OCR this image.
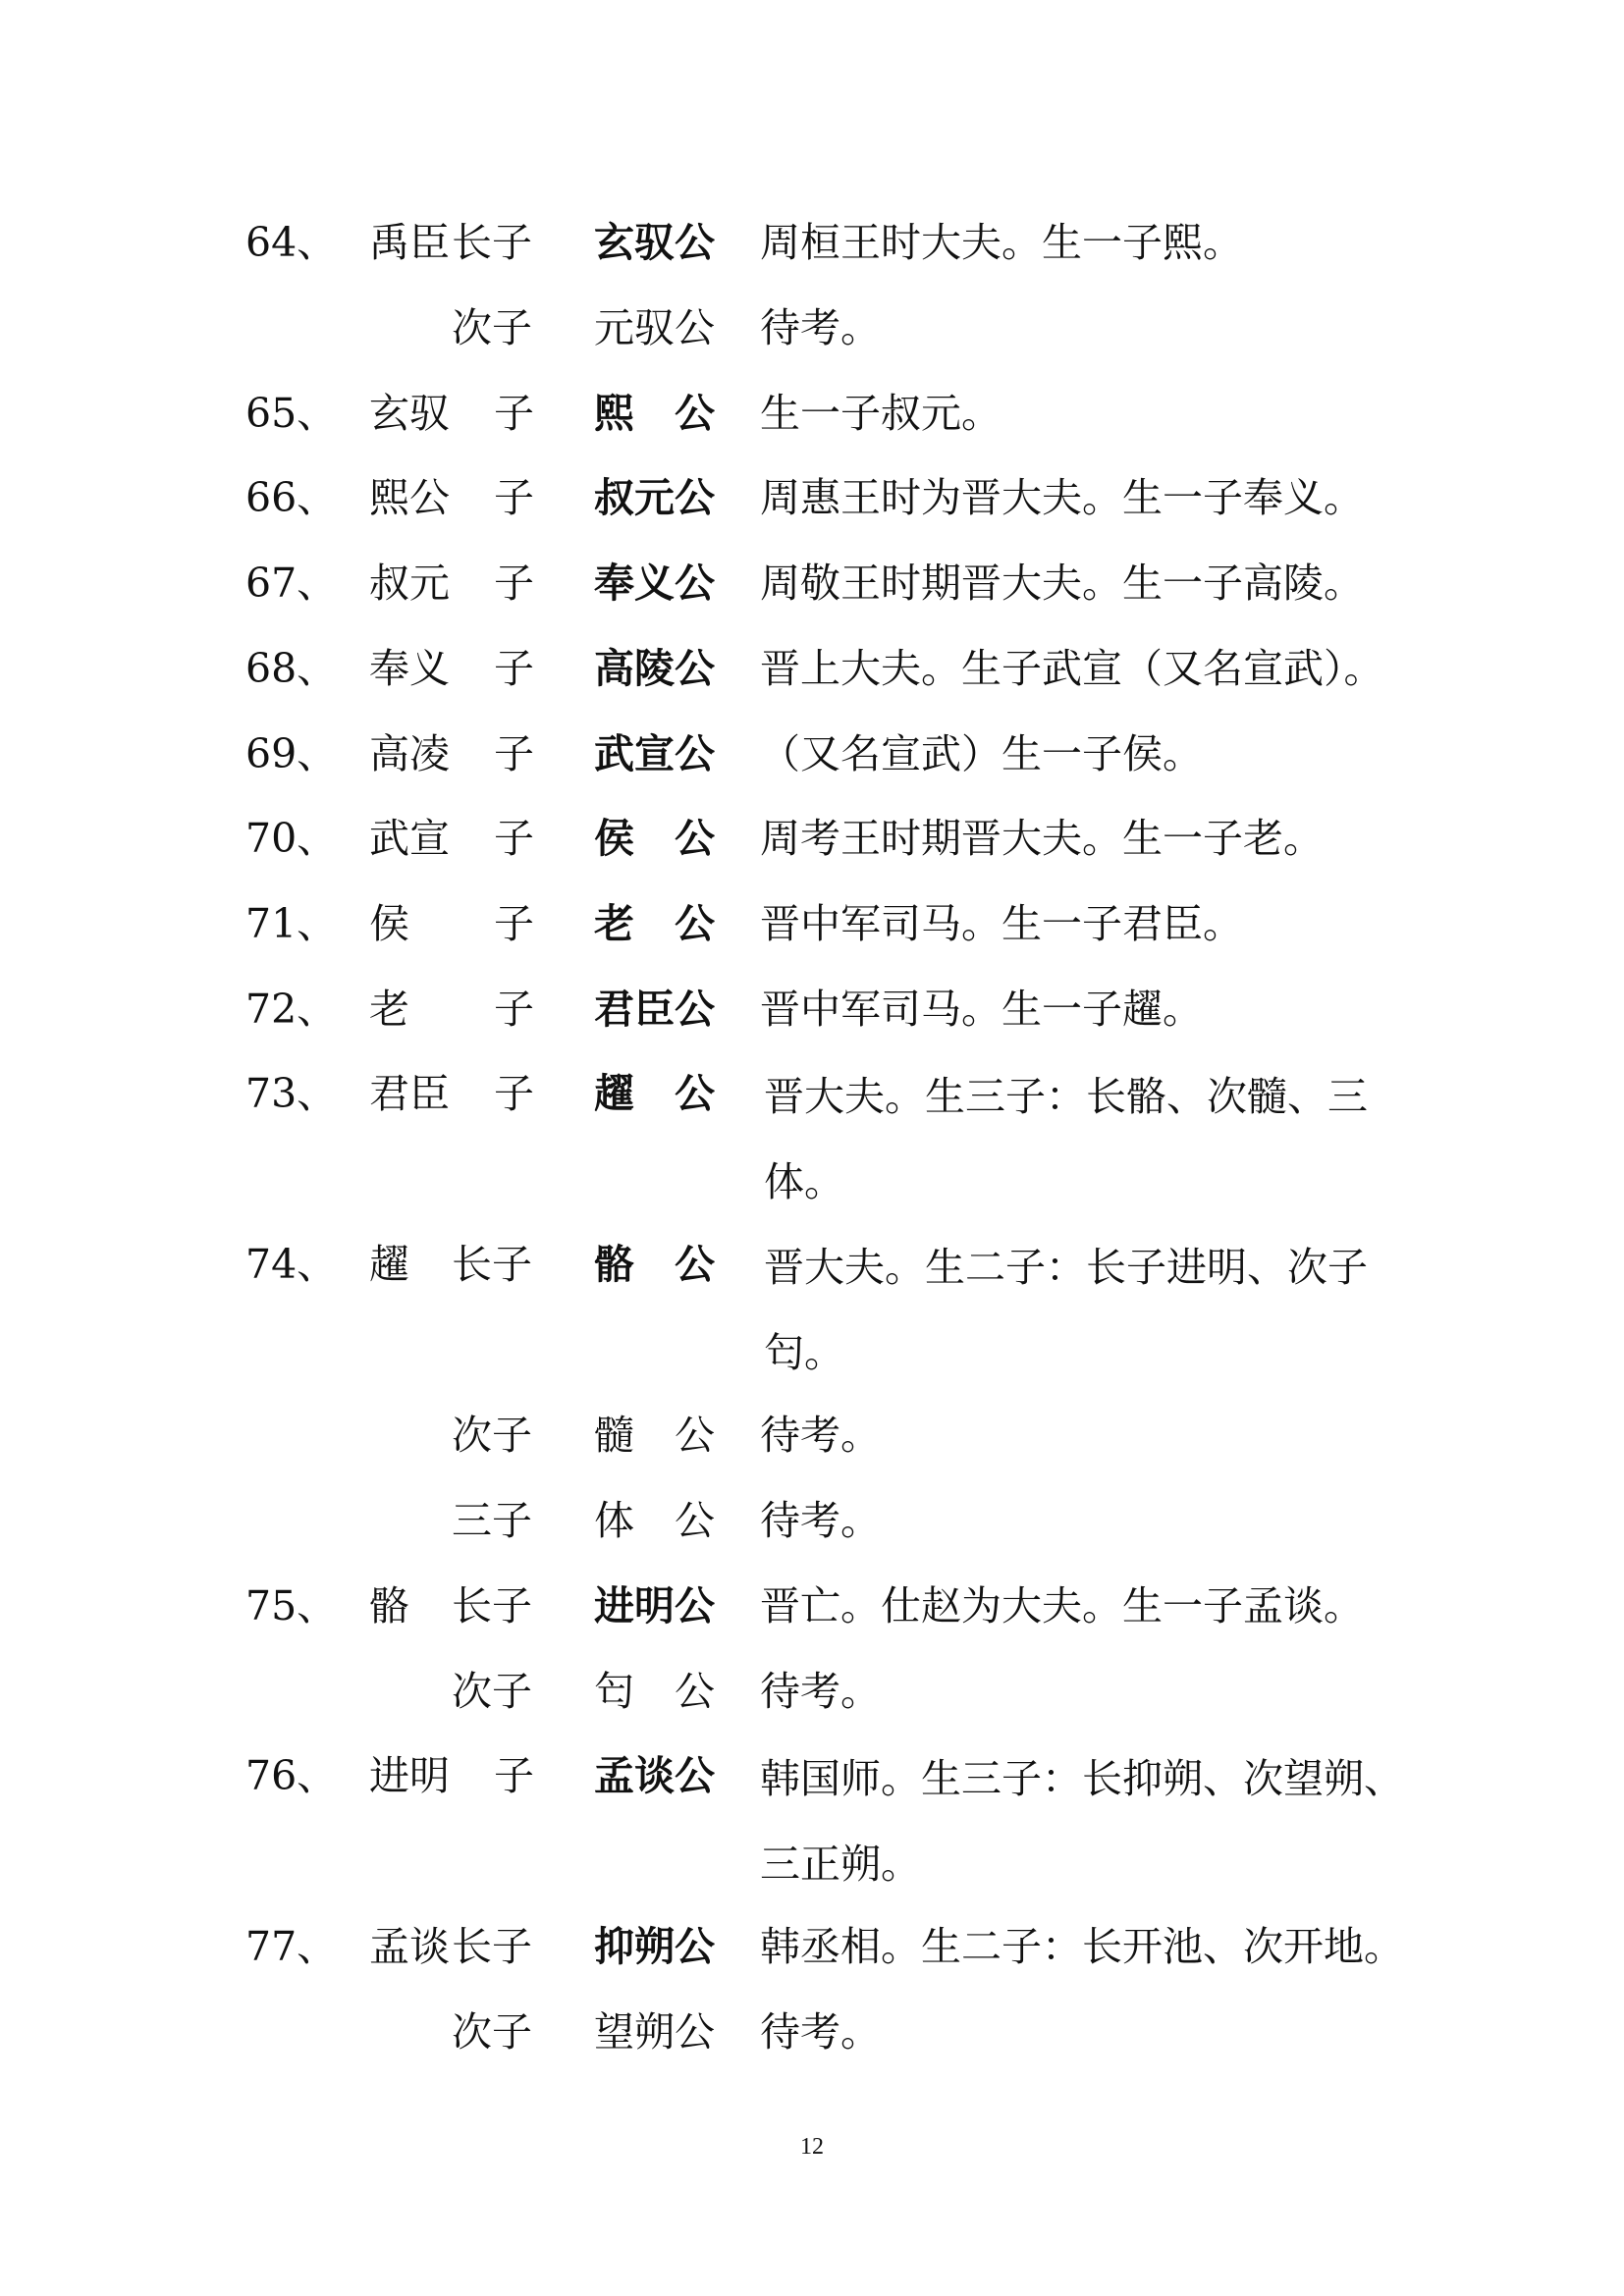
64、 禹臣 长子 玄驭公 周桓王时大夫。生一子熙。
次子 元驭公 待考。
65、 玄驭 子 熙　公 生一子叔元。
66、 熙公 子 叔元公 周惠王时为晋大夫。生一子奉义。
67、 叔元 子 奉义公 周敬王时期晋大夫。生一子高陵。
68、 奉义 子 高陵公 晋上大夫。生子武宣（又名宣武）。
69、 高凌 子 武宣公 （又名宣武）生一子侯。
70、 武宣 子 侯　公 周考王时期晋大夫。生一子老。
71、 侯 子 老　公 晋中军司马。生一子君臣。
72、 老 子 君臣公 晋中军司马。生一子趯。
73、 君臣 子 趯　公 晋大夫。生三子：长骼、次髓、三体。
74、 趯 长子 骼　公 晋大夫。生二子：长子进明、次子匄。
次子 髓　公 待考。
三子 体　公 待考。
75、 骼 长子 进明公 晋亡。仕赵为大夫。生一子孟谈。
次子 匄　公 待考。
76、 进明 子 孟谈公 韩国师。生三子：长抑朔、次望朔、三正朔。
77、 孟谈 长子 抑朔公 韩丞相。生二子：长开池、次开地。
次子 望朔公 待考。
12
